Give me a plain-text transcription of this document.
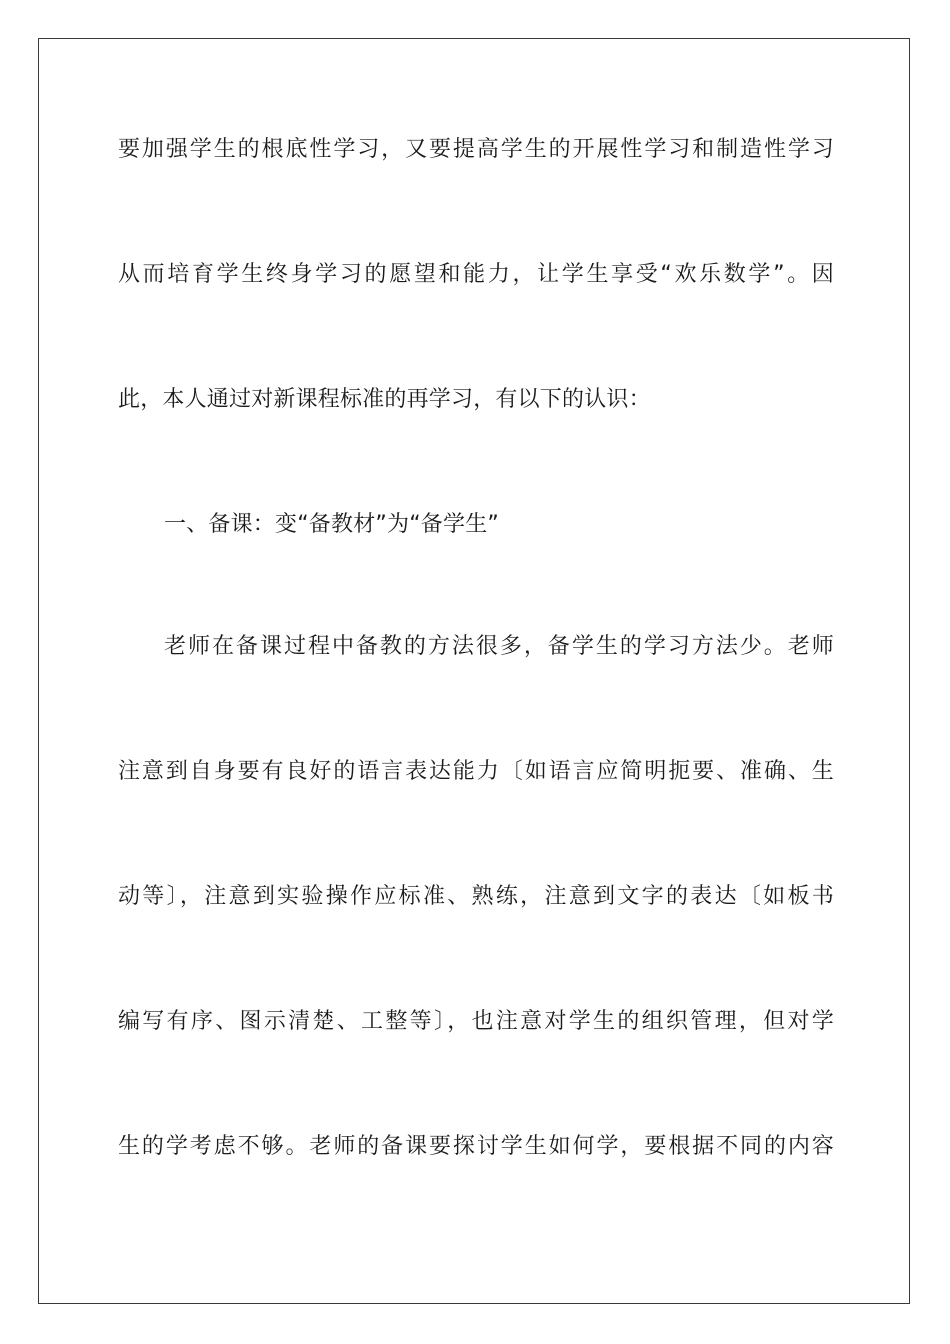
要加强学生的根底性学习，又要提高学生的开展性学习和制造性学习
从而培育学生终身学习的愿望和能力，让学生享受“欢乐数学”。因
此，本人通过对新课程标准的再学习，有以下的认识：
一、备课：变“备教材”为“备学生”
老师在备课过程中备教的方法很多，备学生的学习方法少。老师
注意到自身要有良好的语言表达能力〔如语言应简明扼要、准确、生
动等〕，注意到实验操作应标准、熟练，注意到文字的表达〔如板书
编写有序、图示清楚、工整等〕，也注意对学生的组织管理，但对学
生的学考虑不够。老师的备课要探讨学生如何学，要根据不同的内容
